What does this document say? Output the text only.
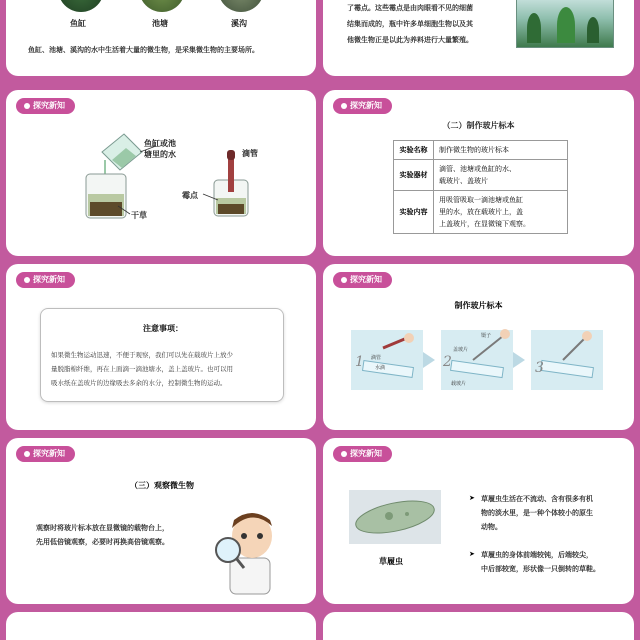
鱼缸	池塘	溪沟
鱼缸、池塘、溪沟的水中生活着大量的微生物，是采集微生物的主要场所。
了霉点。这些霉点是由肉眼看不见的细菌
结集而成的，瓶中许多单细胞生物以及其
他微生物正是以此为养料进行大量繁殖。
探究新知
鱼缸或池
塘里的水
干草
滴管
霉点
探究新知
（二）制作玻片标本
实验名称	制作微生物的玻片标本

实验器材	滴管、池塘或鱼缸的水、
载玻片、盖玻片

实验内容	用吸管吸取一滴池塘或鱼缸
里的水，放在载玻片上，盖
上盖玻片，在显微镜下观察。
探究新知
注意事项：
如果微生物运动迅速，不便于观察，我们可以先在载玻片上放少
量脱脂棉纤维，再在上面滴一滴池塘水，盖上盖玻片。也可以用
吸水纸在盖玻片的边缘吸去多余的水分，控制微生物的运动。
探究新知
制作玻片标本
1	2	3
滴管
水滴
盖玻片
载玻片
镊子
探究新知
（三）观察微生物
观察时将玻片标本放在显微镜的载物台上，
先用低倍镜观察，必要时再换高倍镜观察。
探究新知
草履虫
➤ 草履虫生活在不流动、含有很多有机
物的淡水里，是一种个体较小的原生
动物。
➤ 草履虫的身体前端较钝，后端较尖，
中后部较宽，形状像一只倒转的草鞋。
